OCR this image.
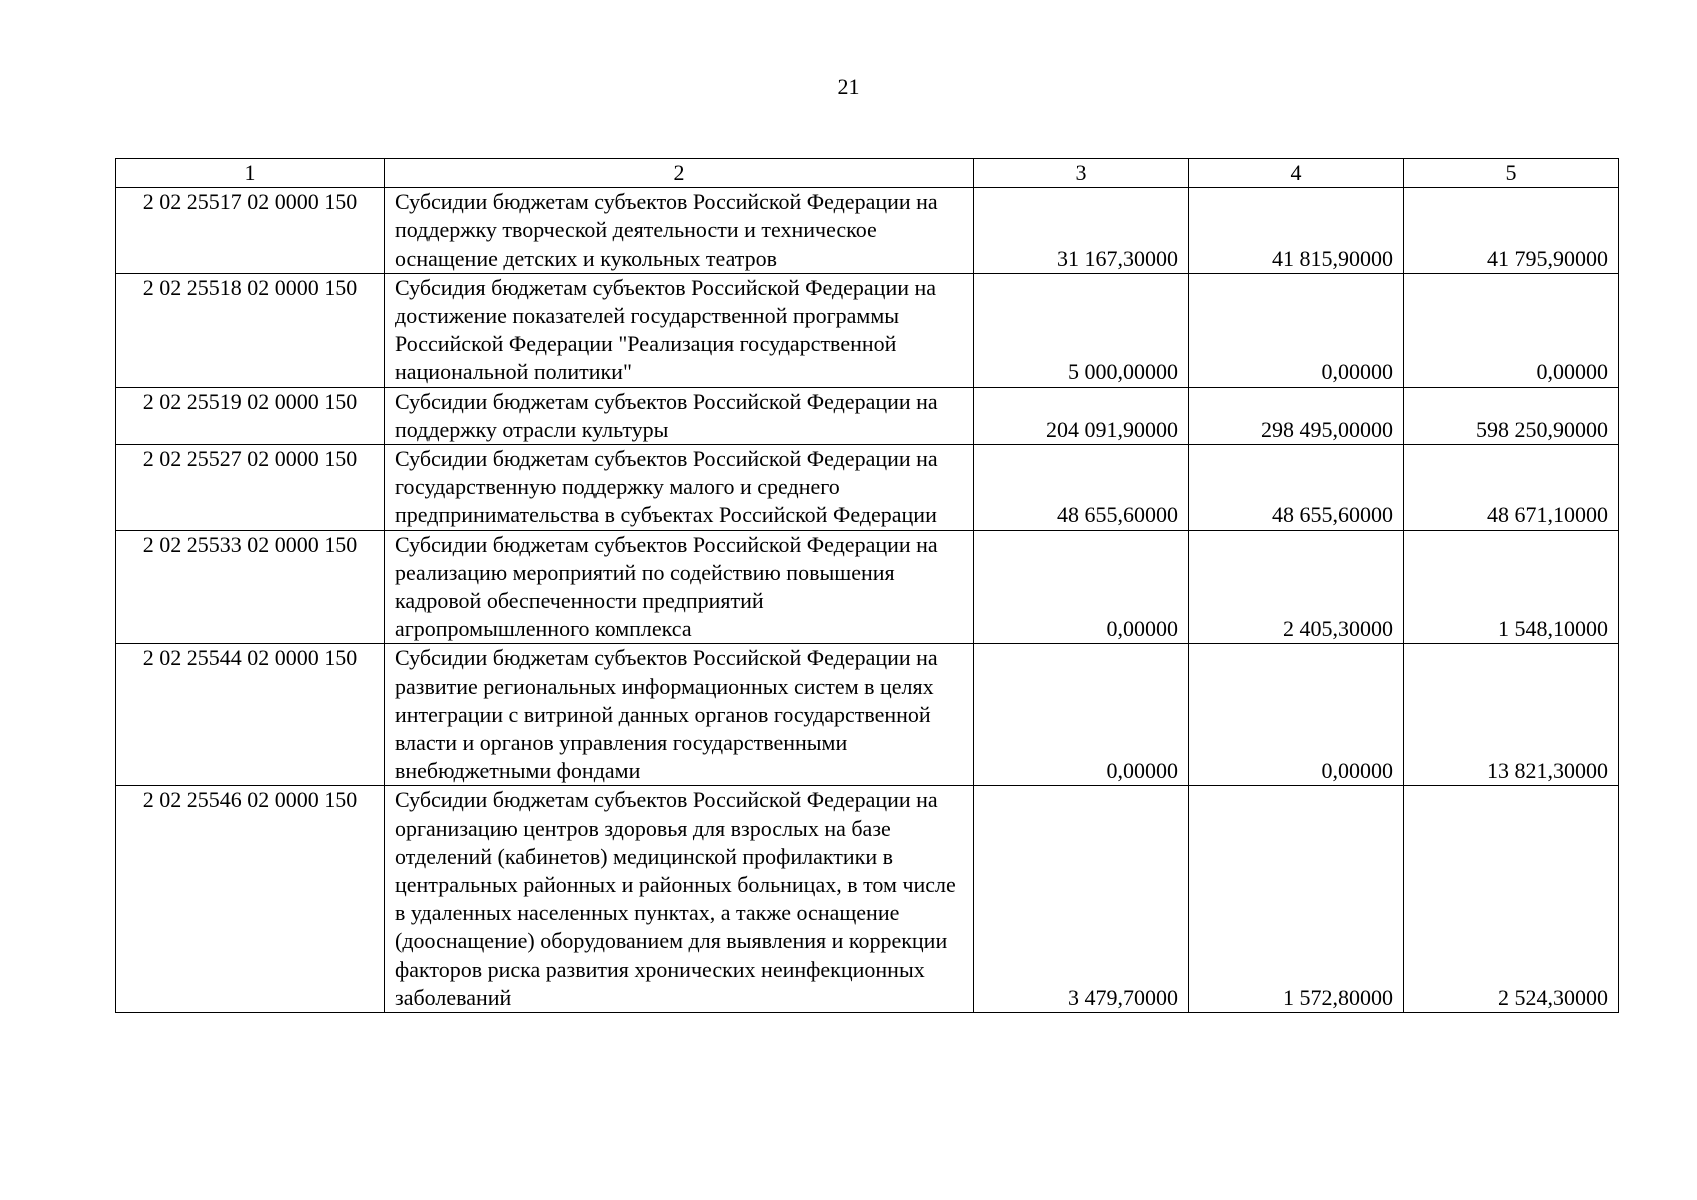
21
1	2	3	4	5
2 02 25517 02 0000 150	Субсидии бюджетам субъектов Российской Федерации на поддержку творческой деятельности и техническое оснащение детских и кукольных театров	31 167,30000	41 815,90000	41 795,90000
2 02 25518 02 0000 150	Субсидия бюджетам субъектов Российской Федерации на достижение показателей государственной программы Российской Федерации "Реализация государственной национальной политики"	5 000,00000	0,00000	0,00000
2 02 25519 02 0000 150	Субсидии бюджетам субъектов Российской Федерации на поддержку отрасли культуры	204 091,90000	298 495,00000	598 250,90000
2 02 25527 02 0000 150	Субсидии бюджетам субъектов Российской Федерации на государственную поддержку малого и среднего предпринимательства в субъектах Российской Федерации	48 655,60000	48 655,60000	48 671,10000
2 02 25533 02 0000 150	Субсидии бюджетам субъектов Российской Федерации на реализацию мероприятий по содействию повышения кадровой обеспеченности предприятий агропромышленного комплекса	0,00000	2 405,30000	1 548,10000
2 02 25544 02 0000 150	Субсидии бюджетам субъектов Российской Федерации на развитие региональных информационных систем в целях интеграции с витриной данных органов государственной власти и органов управления государственными внебюджетными фондами	0,00000	0,00000	13 821,30000
2 02 25546 02 0000 150	Субсидии бюджетам субъектов Российской Федерации на организацию центров здоровья для взрослых на базе отделений (кабинетов) медицинской профилактики в центральных районных и районных больницах, в том числе в удаленных населенных пунктах, а также оснащение (дооснащение) оборудованием для выявления и коррекции факторов риска развития хронических неинфекционных заболеваний	3 479,70000	1 572,80000	2 524,30000
